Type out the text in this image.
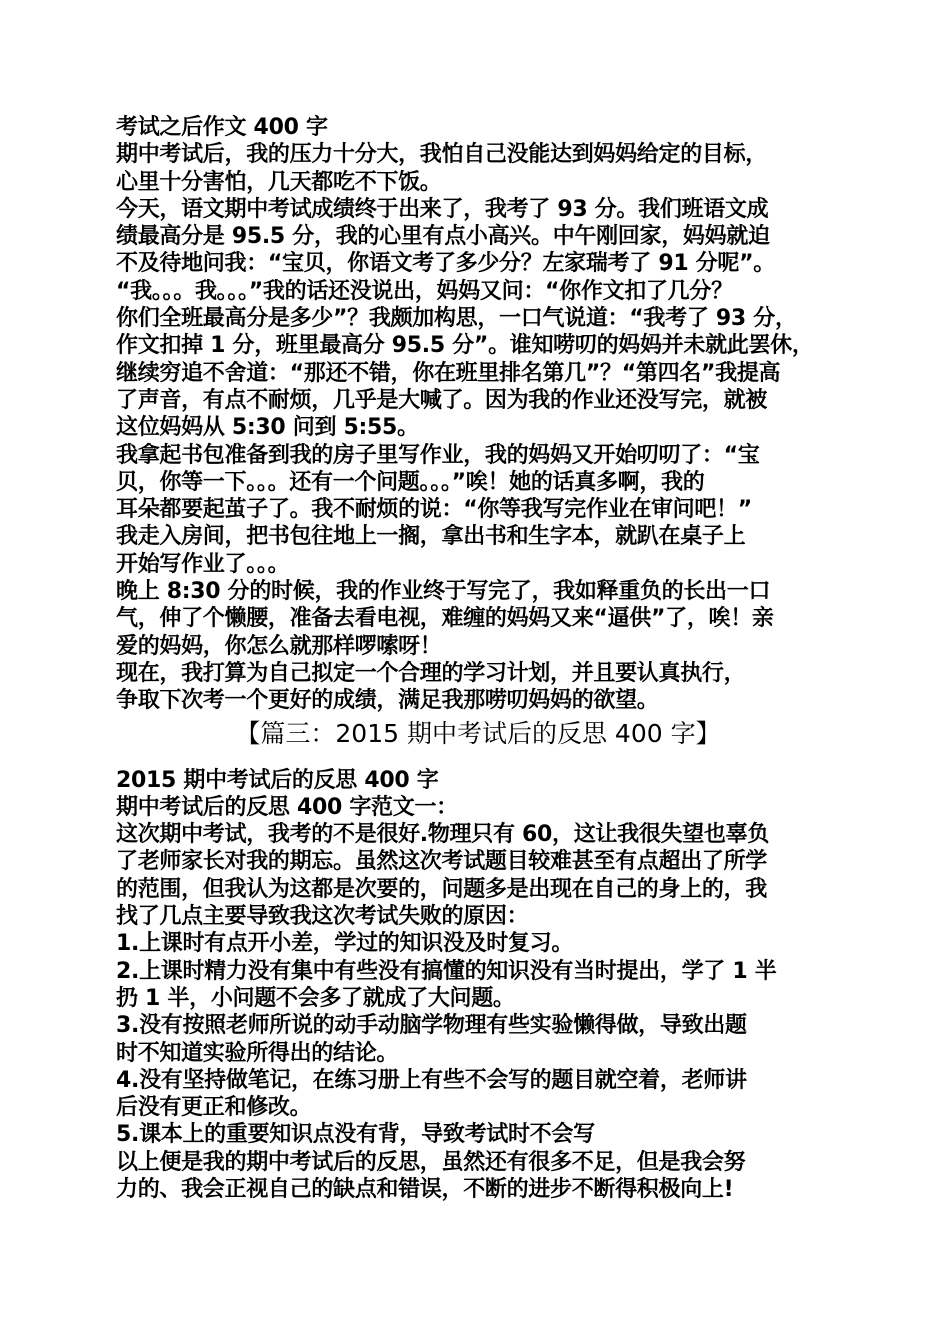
考试之后作文 400 字
期中考试后，我的压力十分大，我怕自己没能达到妈妈给定的目标，
心里十分害怕，几天都吃不下饭。
今天，语文期中考试成绩终于出来了，我考了 93 分。我们班语文成
绩最高分是 95.5 分，我的心里有点小高兴。中午刚回家，妈妈就迫
不及待地问我：“宝贝，你语文考了多少分？左家瑞考了 91 分呢”。
“我。。。我。。。”我的话还没说出，妈妈又问：“你作文扣了几分？
你们全班最高分是多少”？我颇加构思，一口气说道：“我考了 93 分，
作文扣掉 1 分，班里最高分 95.5 分”。谁知唠叨的妈妈并未就此罢休，
继续穷追不舍道：“那还不错，你在班里排名第几”？“第四名”我提高
了声音，有点不耐烦，几乎是大喊了。因为我的作业还没写完，就被
这位妈妈从 5:30 问到 5:55。
我拿起书包准备到我的房子里写作业，我的妈妈又开始叨叨了：“宝
贝，你等一下。。。还有一个问题。。。”唉！她的话真多啊，我的
耳朵都要起茧子了。我不耐烦的说：“你等我写完作业在审问吧！”
我走入房间，把书包往地上一搁，拿出书和生字本，就趴在桌子上
开始写作业了。。。
晚上 8:30 分的时候，我的作业终于写完了，我如释重负的长出一口
气，伸了个懒腰，准备去看电视，难缠的妈妈又来“逼供”了，唉！亲
爱的妈妈，你怎么就那样啰嗦呀！
现在，我打算为自己拟定一个合理的学习计划，并且要认真执行，
争取下次考一个更好的成绩，满足我那唠叨妈妈的欲望。
【篇三：2015 期中考试后的反思 400 字】
2015 期中考试后的反思 400 字
期中考试后的反思 400 字范文一：
这次期中考试，我考的不是很好.物理只有 60，这让我很失望也辜负
了老师家长对我的期忘。虽然这次考试题目较难甚至有点超出了所学
的范围，但我认为这都是次要的，问题多是出现在自己的身上的，我
找了几点主要导致我这次考试失败的原因：
1.上课时有点开小差，学过的知识没及时复习。
2.上课时精力没有集中有些没有搞懂的知识没有当时提出，学了 1 半
扔 1 半，小问题不会多了就成了大问题。
3.没有按照老师所说的动手动脑学物理有些实验懒得做，导致出题
时不知道实验所得出的结论。
4.没有坚持做笔记，在练习册上有些不会写的题目就空着，老师讲
后没有更正和修改。
5.课本上的重要知识点没有背，导致考试时不会写
以上便是我的期中考试后的反思，虽然还有很多不足，但是我会努
力的、我会正视自己的缺点和错误，不断的进步不断得积极向上!
